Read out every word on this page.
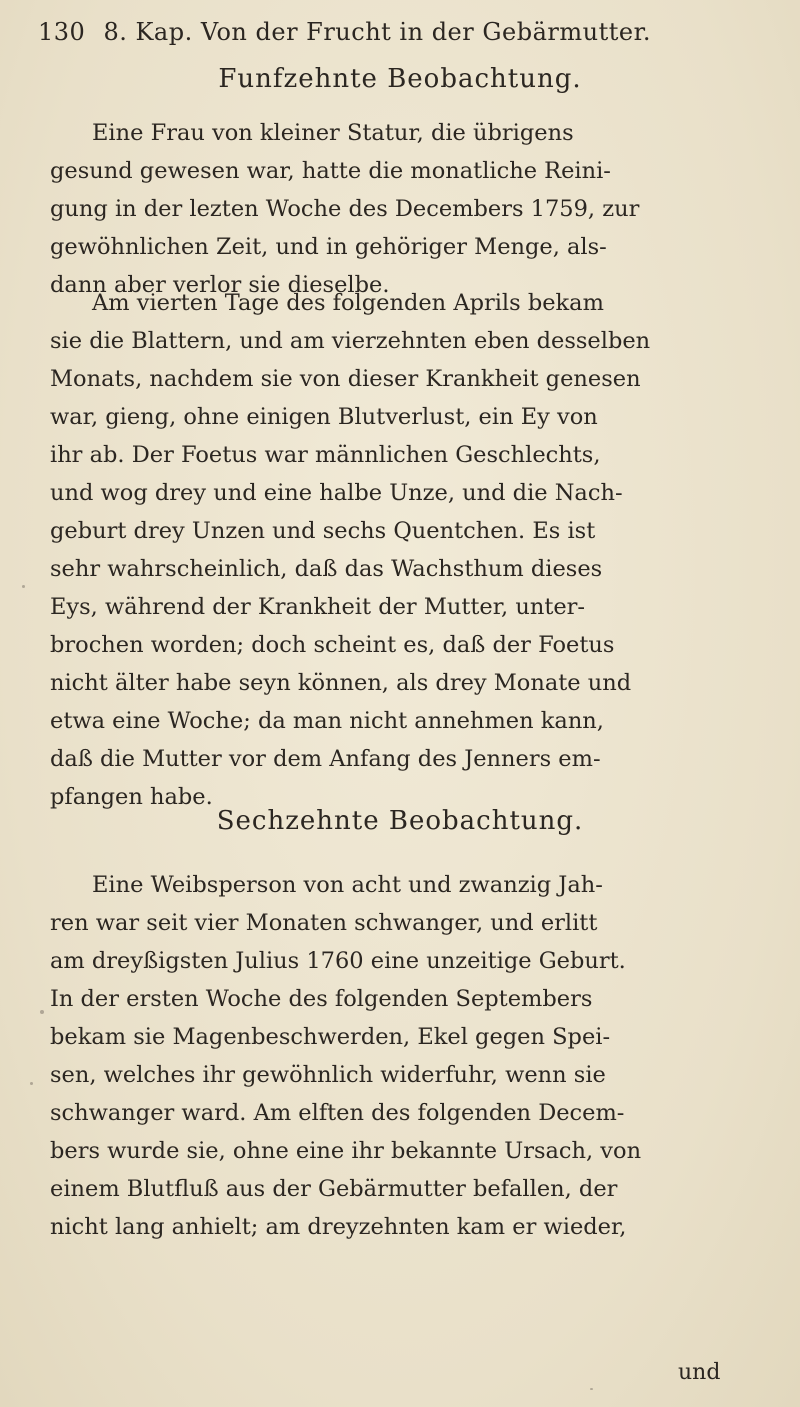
130 8. Kap. Von der Frucht in der Gebärmutter.
Funfzehnte Beobachtung.
Eine Frau von kleiner Statur, die übrigens
gesund gewesen war, hatte die monatliche Reini-
gung in der lezten Woche des Decembers 1759, zur
gewöhnlichen Zeit, und in gehöriger Menge, als-
dann aber verlor sie dieselbe.
Am vierten Tage des folgenden Aprils bekam
sie die Blattern, und am vierzehnten eben desselben
Monats, nachdem sie von dieser Krankheit genesen
war, gieng, ohne einigen Blutverlust, ein Ey von
ihr ab. Der Foetus war männlichen Geschlechts,
und wog drey und eine halbe Unze, und die Nach-
geburt drey Unzen und sechs Quentchen. Es ist
sehr wahrscheinlich, daß das Wachsthum dieses
Eys, während der Krankheit der Mutter, unter-
brochen worden; doch scheint es, daß der Foetus
nicht älter habe seyn können, als drey Monate und
etwa eine Woche; da man nicht annehmen kann,
daß die Mutter vor dem Anfang des Jenners em-
pfangen habe.
Sechzehnte Beobachtung.
Eine Weibsperson von acht und zwanzig Jah-
ren war seit vier Monaten schwanger, und erlitt
am dreyßigsten Julius 1760 eine unzeitige Geburt.
In der ersten Woche des folgenden Septembers
bekam sie Magenbeschwerden, Ekel gegen Spei-
sen, welches ihr gewöhnlich widerfuhr, wenn sie
schwanger ward. Am elften des folgenden Decem-
bers wurde sie, ohne eine ihr bekannte Ursach, von
einem Blutfluß aus der Gebärmutter befallen, der
nicht lang anhielt; am dreyzehnten kam er wieder,
und
